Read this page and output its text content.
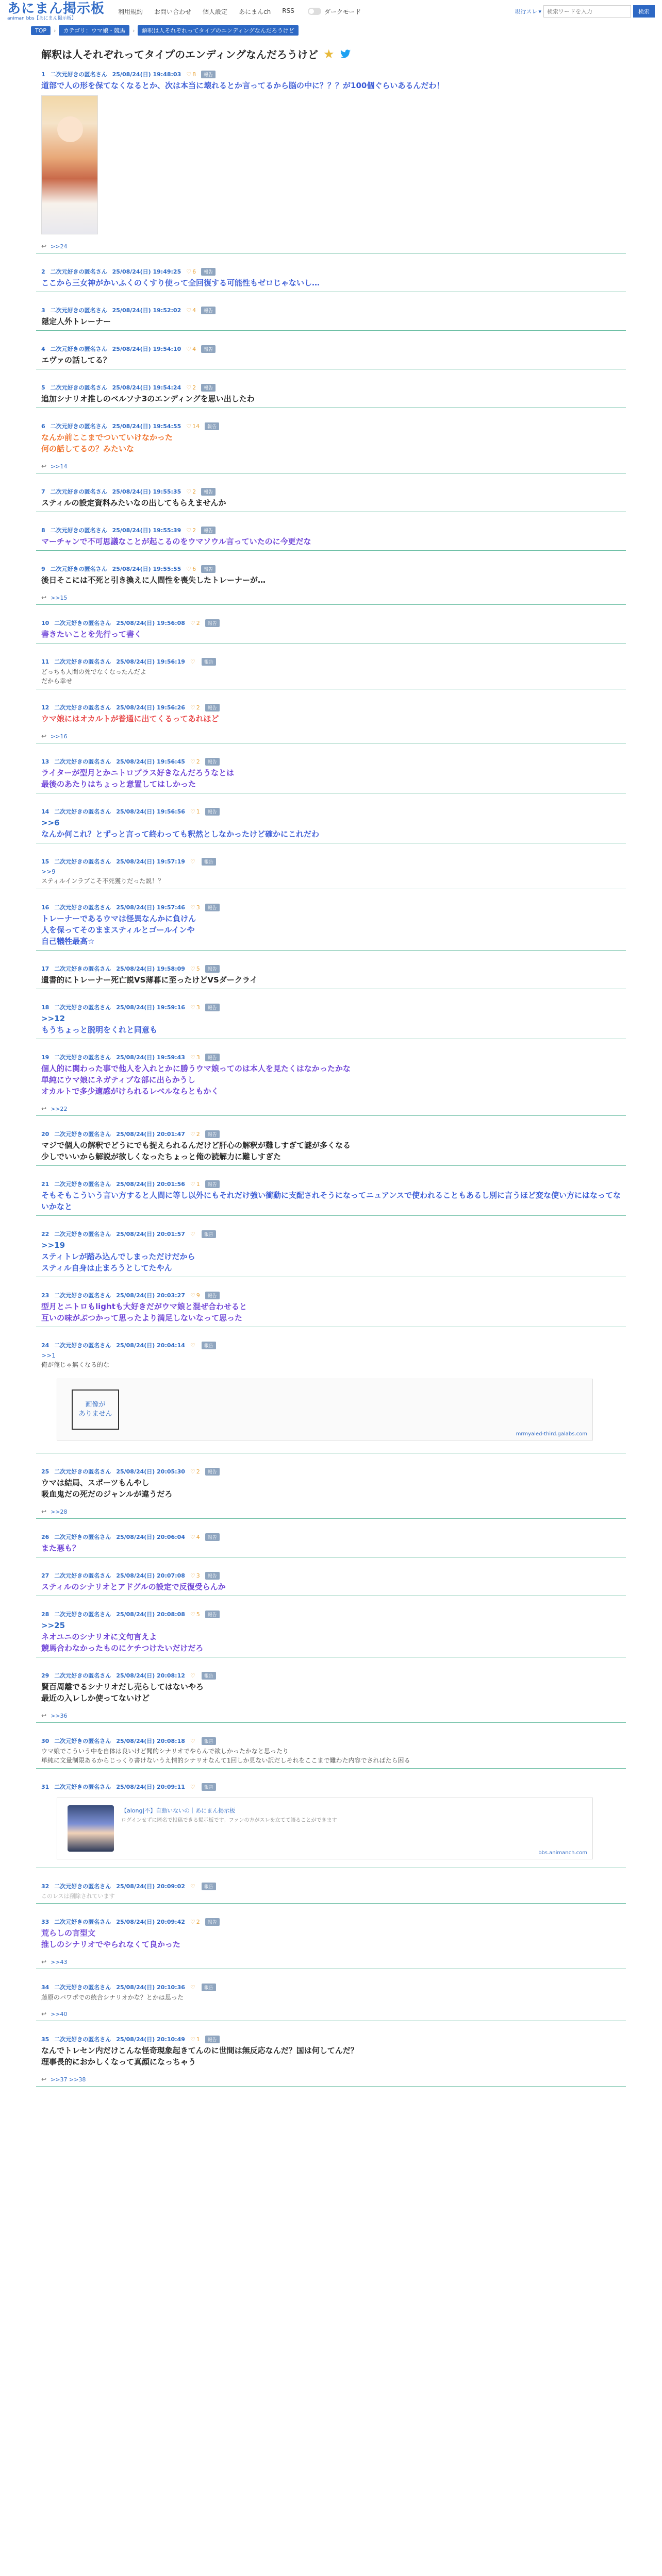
あにまん掲示板
animan bbs【あにまん掲示板】
利用規約 お問い合わせ 個人設定 あにまんch RSS	ダークモード	現行スレ ▾
検索ワードを入力	検索
TOP	›	カテゴリ：ウマ娘・競馬	›	解釈は人それぞれってタイプのエンディングなんだろうけど
解釈は人それぞれってタイプのエンディングなんだろうけど ★
1 二次元好きの匿名さん 25/08/24(日) 19:48:03 ♡ 8	報告
道部で人の形を保てなくなるとか、次は本当に壊れるとか言ってるから脳の中に？？？が100個ぐらいあるんだわ！
↩ >>24
2 二次元好きの匿名さん 25/08/24(日) 19:49:25 ♡ 6	報告
ここから三女神がかいふくのくすり使って全回復する可能性もゼロじゃないし…
3 二次元好きの匿名さん 25/08/24(日) 19:52:02 ♡ 4	報告
隠定人外トレーナー
4 二次元好きの匿名さん 25/08/24(日) 19:54:10 ♡ 4	報告
エヴァの話してる？
5 二次元好きの匿名さん 25/08/24(日) 19:54:24 ♡ 2	報告
追加シナリオ推しのベルソナ3のエンディングを思い出したわ
6 二次元好きの匿名さん 25/08/24(日) 19:54:55 ♡ 14	報告
なんか前ここまでついていけなかった
何の話してるの？みたいな
↩ >>14
7 二次元好きの匿名さん 25/08/24(日) 19:55:35 ♡ 2	報告
スティルの設定資料みたいなの出してもらえませんか
8 二次元好きの匿名さん 25/08/24(日) 19:55:39 ♡ 2	報告
マーチャンで不可思議なことが起こるのをウマソウル言っていたのに今更だな
9 二次元好きの匿名さん 25/08/24(日) 19:55:55 ♡ 6	報告
後日そこには不死と引き換えに人間性を喪失したトレーナーが…
↩ >>15
10 二次元好きの匿名さん 25/08/24(日) 19:56:08 ♡ 2	報告
書きたいことを先行って書く
11 二次元好きの匿名さん 25/08/24(日) 19:56:19 ♡	報告
どっちも人間の死でなくなったんだよ
だから幸せ
12 二次元好きの匿名さん 25/08/24(日) 19:56:26 ♡ 2	報告
ウマ娘にはオカルトが普通に出てくるってあれほど
↩ >>16
13 二次元好きの匿名さん 25/08/24(日) 19:56:45 ♡ 2	報告
ライターが型月とかニトロプラス好きなんだろうなとは
最後のあたりはちょっと意置してはしかった
14 二次元好きの匿名さん 25/08/24(日) 19:56:56 ♡ 1	報告
>>6
なんか何これ？とずっと言って終わっても釈然としなかったけど確かにこれだわ
15 二次元好きの匿名さん 25/08/24(日) 19:57:19 ♡	報告
>>9
スティルインラブこそ不死獲りだった説！？
16 二次元好きの匿名さん 25/08/24(日) 19:57:46 ♡ 3	報告
トレーナーであるウマは怪異なんかに負けん
人を保ってそのままスティルとゴールインや
自己犠牲最高☆
17 二次元好きの匿名さん 25/08/24(日) 19:58:09 ♡ 5	報告
遺書的にトレーナー死亡説VS薄暮に至ったけどVSダークライ
18 二次元好きの匿名さん 25/08/24(日) 19:59:16 ♡ 3	報告
>>12
もうちょっと脱明をくれと同意も
19 二次元好きの匿名さん 25/08/24(日) 19:59:43 ♡ 3	報告
個人的に関わった事で他人を入れとかに勝うウマ娘ってのは本人を見たくはなかったかな
単純にウマ娘にネガティブな部に出らかうし
オカルトで多少適感がけられるレベルならともかく
↩ >>22
20 二次元好きの匿名さん 25/08/24(日) 20:01:47 ♡ 2	報告
マジで個人の解釈でどうにでも捉えられるんだけど肝心の解釈が難しすぎて謎が多くなる
少しでいいから解説が欲しくなったちょっと俺の読解力に難しすぎた
21 二次元好きの匿名さん 25/08/24(日) 20:01:56 ♡ 1	報告
そもそもこういう言い方すると人間に等し以外にもそれだけ強い衝動に支配されそうになってニュアンスで使われることもあるし別に言うほど変な使い方にはなってないかなと
22 二次元好きの匿名さん 25/08/24(日) 20:01:57 ♡	報告
>>19
スティトレが踏み込んでしまっただけだから
スティル自身は止まろうとしてたやん
23 二次元好きの匿名さん 25/08/24(日) 20:03:27 ♡ 9	報告
型月とニトロもlightも大好きだがウマ娘と混ぜ合わせると
互いの味がぶつかって思ったより満足しないなって思った
24 二次元好きの匿名さん 25/08/24(日) 20:04:14 ♡	報告
>>1
俺が俺じゃ無くなる的な
画像が
ありません
mrmyaled-third.galabs.com
25 二次元好きの匿名さん 25/08/24(日) 20:05:30 ♡ 2	報告
ウマは結局、スポーツもんやし
吸血鬼だの死だのジャンルが違うだろ
↩ >>28
26 二次元好きの匿名さん 25/08/24(日) 20:06:04 ♡ 4	報告
また悪も？
27 二次元好きの匿名さん 25/08/24(日) 20:07:08 ♡ 3	報告
スティルのシナリオとアドグルの設定で反復受らんか
28 二次元好きの匿名さん 25/08/24(日) 20:08:08 ♡ 5	報告
>>25
ネオユニのシナリオに文句言えよ
競馬合わなかったものにケチつけたいだけだろ
29 二次元好きの匿名さん 25/08/24(日) 20:08:12 ♡	報告
賢百周離でるシナリオだし売らしてはないやろ
最近の入レしか使ってないけど
↩ >>36
30 二次元好きの匿名さん 25/08/24(日) 20:08:18 ♡	報告
ウマ娘でこういう中を自体は良いけど聞的シナリオでやらんで欲しかったかなと思ったり
単純に文量制限あるからじっくり書けないうえ情的シナリオなんて1回しか見ない訳だしそれをここまで難わた内容でさればたら困る
31 二次元好きの匿名さん 25/08/24(日) 20:09:11 ♡	報告
【along|不】自動いないの｜あにまん掲示板
ログインせずに匿名で投稿できる掲示板です。ファンの方がスレを立てて語ることができます
bbs.animanch.com
32 二次元好きの匿名さん 25/08/24(日) 20:09:02 ♡	報告
このレスは削除されています
33 二次元好きの匿名さん 25/08/24(日) 20:09:42 ♡ 2	報告
荒らしの言型文
推しのシナリオでやられなくて良かった
↩ >>43
34 二次元好きの匿名さん 25/08/24(日) 20:10:36 ♡	報告
藤原のパワポでの統合シナリオかな？とかは思った
↩ >>40
35 二次元好きの匿名さん 25/08/24(日) 20:10:49 ♡ 1	報告
なんでトレセン内だけこんな怪奇現象起きてんのに世間は無反応なんだ？国は何してんだ？
理事長的におかしくなって真顔になっちゃう
↩ >>37 >>38
